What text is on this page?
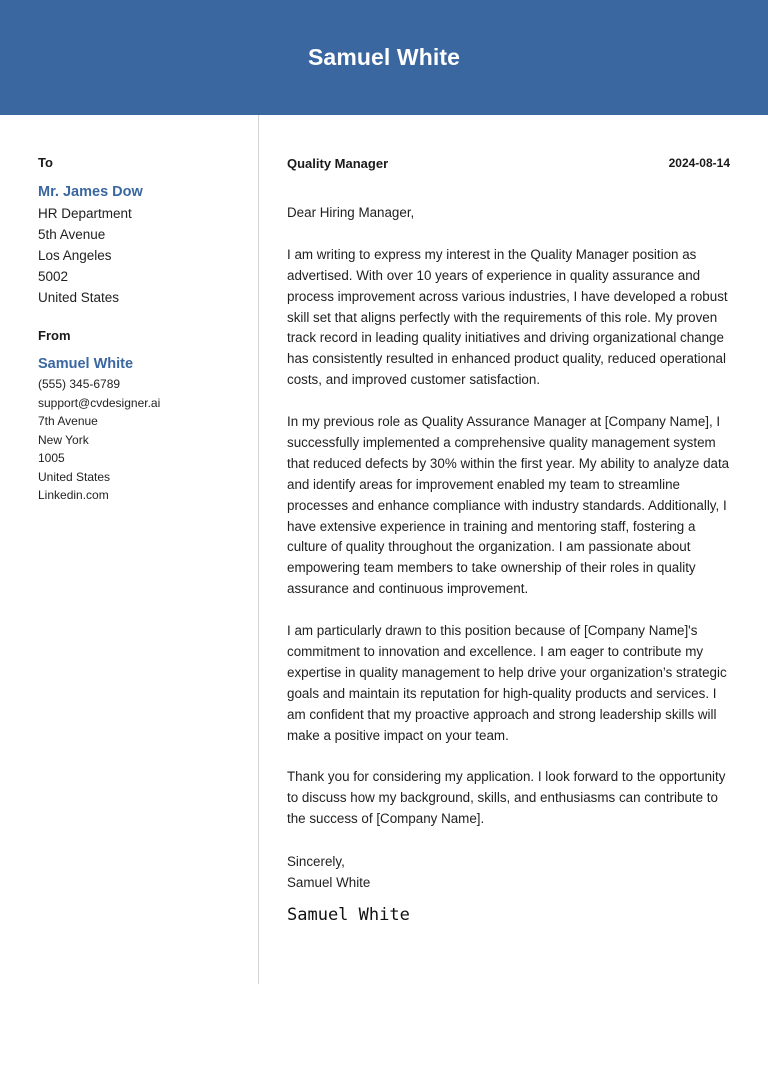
Samuel White
To
Mr. James Dow
HR Department
5th Avenue
Los Angeles
5002
United States
From
Samuel White
(555) 345-6789
support@cvdesigner.ai
7th Avenue
New York
1005
United States
Linkedin.com
Quality Manager	2024-08-14

Dear Hiring Manager,

I am writing to express my interest in the Quality Manager position as advertised. With over 10 years of experience in quality assurance and process improvement across various industries, I have developed a robust skill set that aligns perfectly with the requirements of this role. My proven track record in leading quality initiatives and driving organizational change has consistently resulted in enhanced product quality, reduced operational costs, and improved customer satisfaction.

In my previous role as Quality Assurance Manager at [Company Name], I successfully implemented a comprehensive quality management system that reduced defects by 30% within the first year. My ability to analyze data and identify areas for improvement enabled my team to streamline processes and enhance compliance with industry standards. Additionally, I have extensive experience in training and mentoring staff, fostering a culture of quality throughout the organization. I am passionate about empowering team members to take ownership of their roles in quality assurance and continuous improvement.

I am particularly drawn to this position because of [Company Name]'s commitment to innovation and excellence. I am eager to contribute my expertise in quality management to help drive your organization’s strategic goals and maintain its reputation for high-quality products and services. I am confident that my proactive approach and strong leadership skills will make a positive impact on your team.

Thank you for considering my application. I look forward to the opportunity to discuss how my background, skills, and enthusiasms can contribute to the success of [Company Name].

Sincerely,
Samuel White
Samuel White
